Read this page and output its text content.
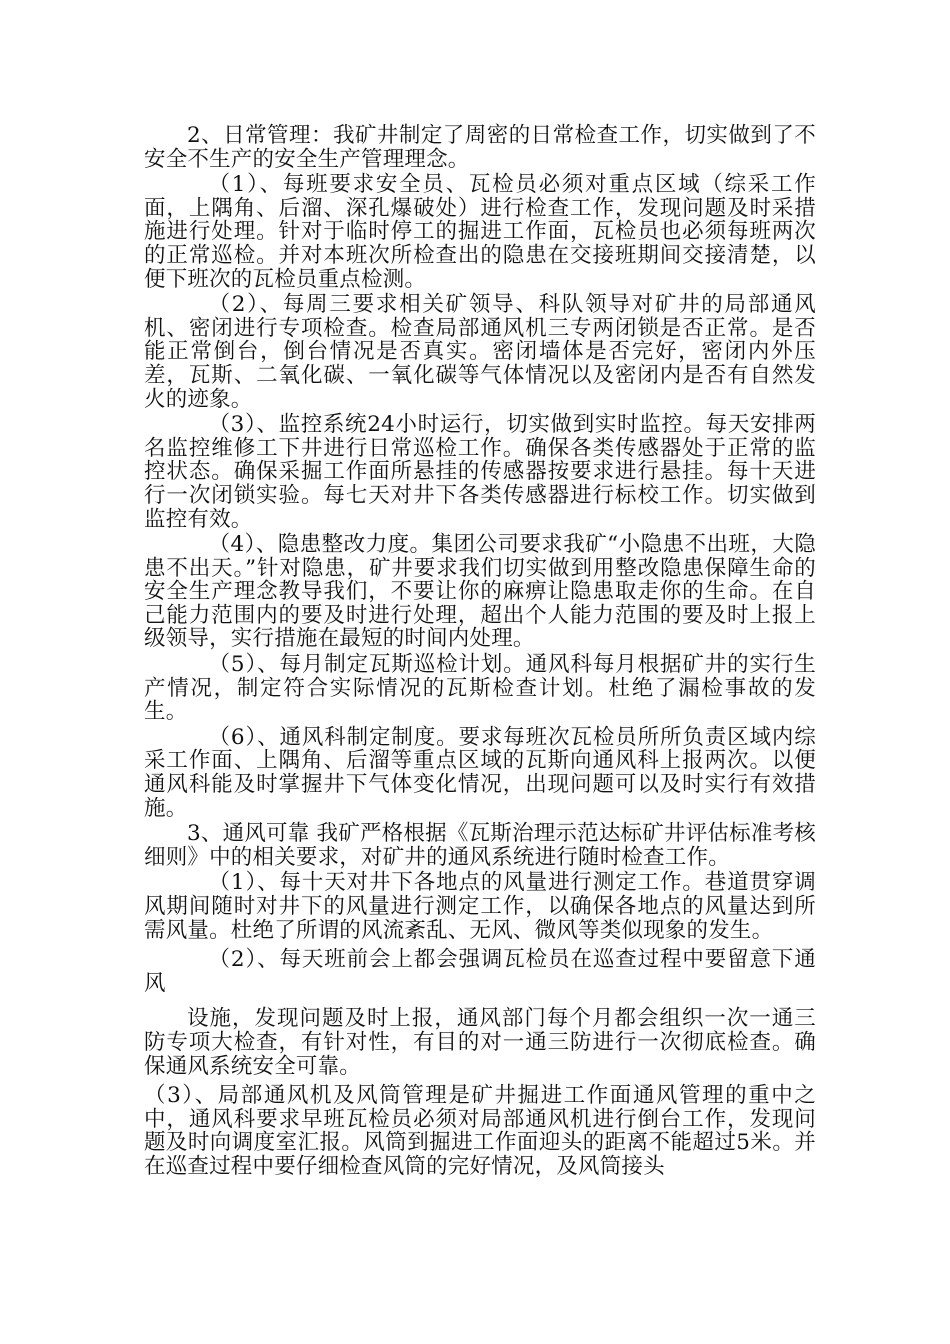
2、日常管理：我矿井制定了周密的日常检查工作，切实做到了不安全不生产的安全生产管理理念。

（1）、每班要求安全员、瓦检员必须对重点区域（综采工作面，上隅角、后溜、深孔爆破处）进行检查工作，发现问题及时采措施进行处理。针对于临时停工的掘进工作面，瓦检员也必须每班两次的正常巡检。并对本班次所检查出的隐患在交接班期间交接清楚，以便下班次的瓦检员重点检测。

（2）、每周三要求相关矿领导、科队领导对矿井的局部通风机、密闭进行专项检查。检查局部通风机三专两闭锁是否正常。是否能正常倒台，倒台情况是否真实。密闭墙体是否完好，密闭内外压差，瓦斯、二氧化碳、一氧化碳等气体情况以及密闭内是否有自然发火的迹象。

（3）、监控系统24小时运行，切实做到实时监控。每天安排两名监控维修工下井进行日常巡检工作。确保各类传感器处于正常的监控状态。确保采掘工作面所悬挂的传感器按要求进行悬挂。每十天进行一次闭锁实验。每七天对井下各类传感器进行标校工作。切实做到监控有效。

（4）、隐患整改力度。集团公司要求我矿“小隐患不出班，大隐患不出天。”针对隐患，矿井要求我们切实做到用整改隐患保障生命的安全生产理念教导我们，不要让你的麻痹让隐患取走你的生命。在自己能力范围内的要及时进行处理，超出个人能力范围的要及时上报上级领导，实行措施在最短的时间内处理。

（5）、每月制定瓦斯巡检计划。通风科每月根据矿井的实行生产情况，制定符合实际情况的瓦斯检查计划。杜绝了漏检事故的发生。

（6）、通风科制定制度。要求每班次瓦检员所所负责区域内综采工作面、上隅角、后溜等重点区域的瓦斯向通风科上报两次。以便通风科能及时掌握井下气体变化情况，出现问题可以及时实行有效措施。

3、通风可靠 我矿严格根据《瓦斯治理示范达标矿井评估标准考核细则》中的相关要求，对矿井的通风系统进行随时检查工作。

（1）、每十天对井下各地点的风量进行测定工作。巷道贯穿调风期间随时对井下的风量进行测定工作，以确保各地点的风量达到所需风量。杜绝了所谓的风流紊乱、无风、微风等类似现象的发生。

（2）、每天班前会上都会强调瓦检员在巡查过程中要留意下通风

设施，发现问题及时上报，通风部门每个月都会组织一次一通三防专项大检查，有针对性，有目的对一通三防进行一次彻底检查。确保通风系统安全可靠。

（3）、局部通风机及风筒管理是矿井掘进工作面通风管理的重中之中，通风科要求早班瓦检员必须对局部通风机进行倒台工作，发现问题及时向调度室汇报。风筒到掘进工作面迎头的距离不能超过5米。并在巡查过程中要仔细检查风筒的完好情况，及风筒接头
